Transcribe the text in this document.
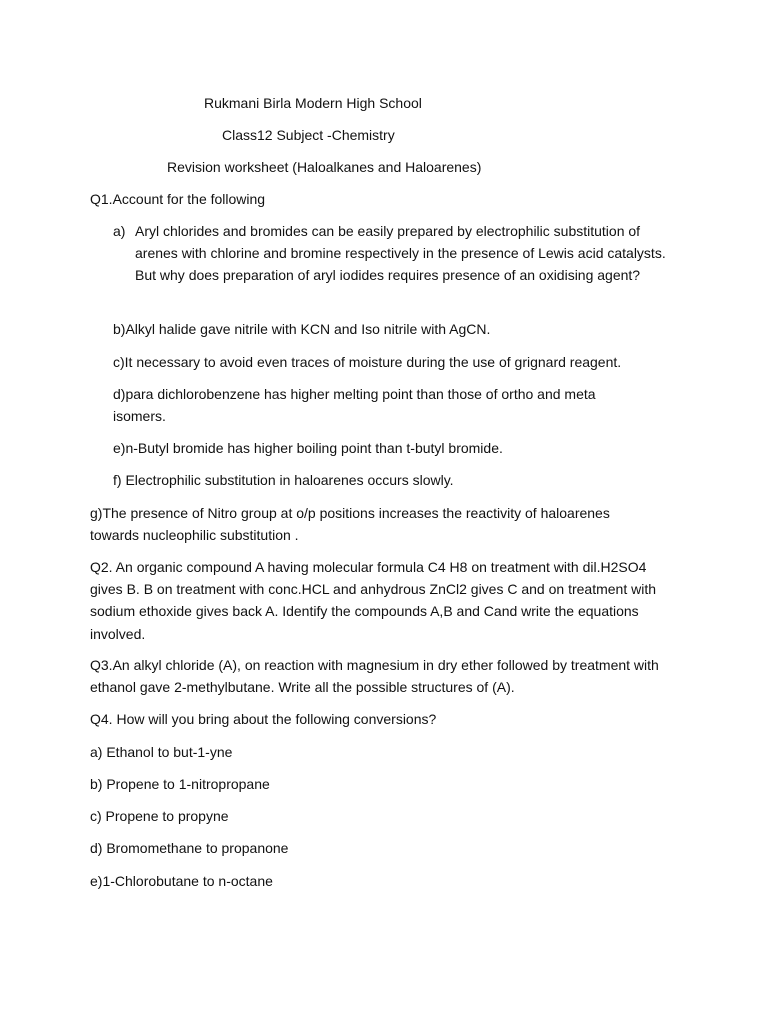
Rukmani Birla Modern High School
Class12 Subject -Chemistry
Revision worksheet (Haloalkanes and Haloarenes)
Q1.Account for the following
a) Aryl chlorides and bromides can be easily prepared by electrophilic substitution of arenes with chlorine and bromine respectively in the presence of Lewis acid catalysts. But why does preparation of aryl iodides requires presence of an oxidising agent?
b)Alkyl halide gave nitrile with KCN and Iso nitrile with AgCN.
c)It necessary to avoid even traces of moisture during the use of grignard reagent.
d)para dichlorobenzene has higher melting point than those of ortho and meta isomers.
e)n-Butyl bromide has higher boiling point than t-butyl bromide.
f) Electrophilic substitution in haloarenes occurs slowly.
g)The presence of Nitro group at o/p positions increases the reactivity of haloarenes towards nucleophilic substitution .
Q2. An organic compound A having molecular formula C4 H8 on treatment with dil.H2SO4 gives B. B on treatment with conc.HCL and anhydrous ZnCl2 gives C and on treatment with sodium ethoxide gives back A. Identify the compounds A,B and Cand write the equations involved.
Q3.An alkyl chloride (A), on reaction with magnesium in dry ether followed by treatment with ethanol gave 2-methylbutane. Write all the possible structures of (A).
Q4. How will you bring about the following conversions?
a) Ethanol to but-1-yne
b) Propene to 1-nitropropane
c) Propene to propyne
d) Bromomethane to propanone
e)1-Chlorobutane to n-octane
